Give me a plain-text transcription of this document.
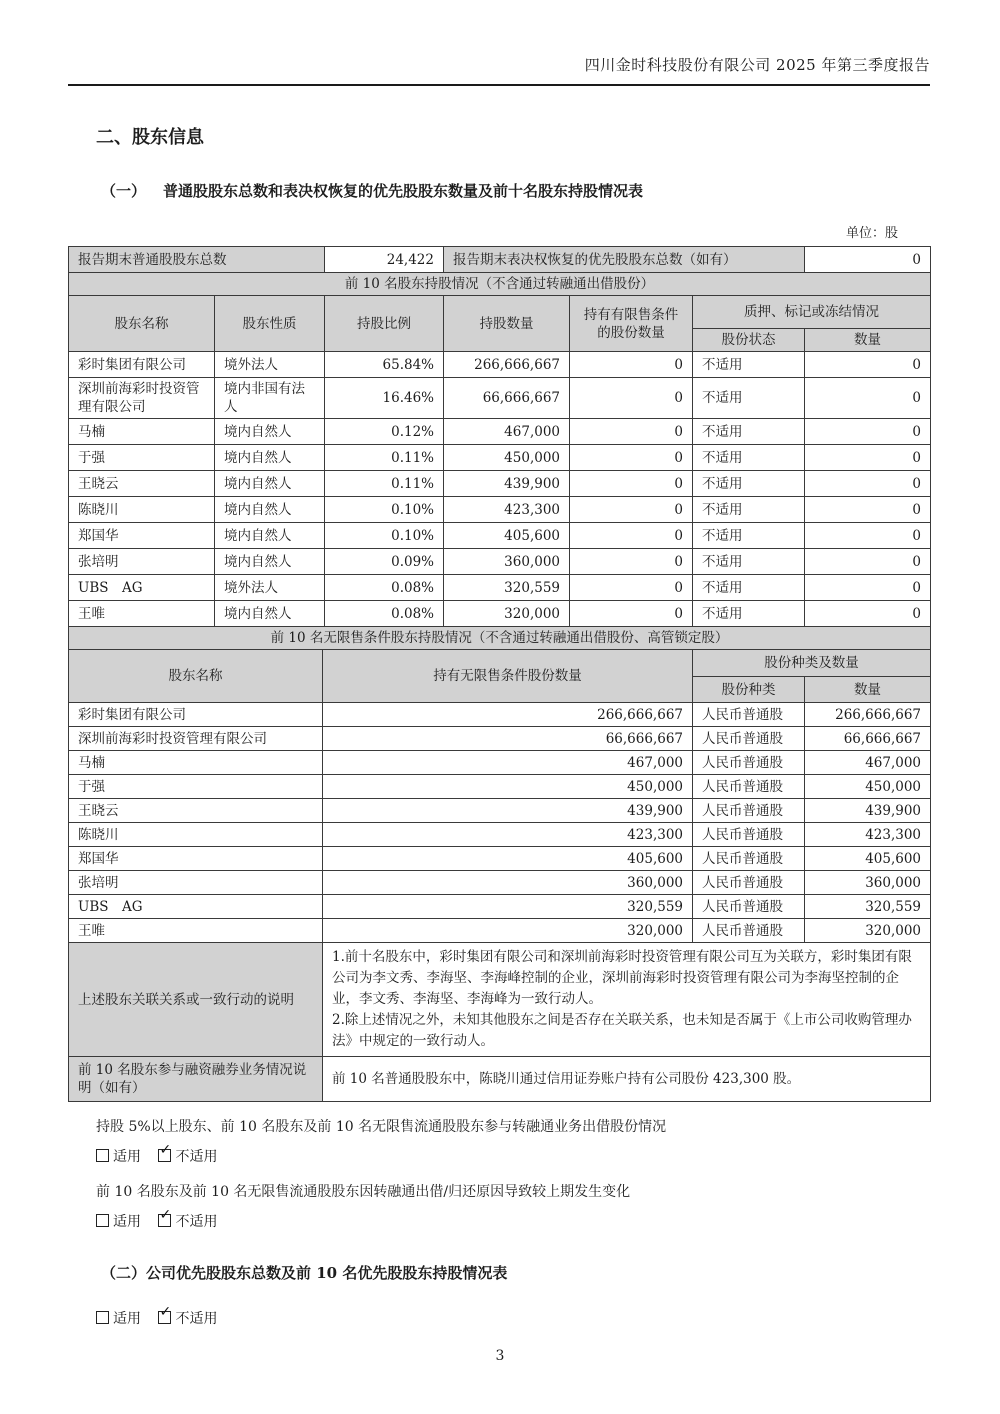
四川金时科技股份有限公司 2025 年第三季度报告
二、股东信息
（一） 普通股股东总数和表决权恢复的优先股股东数量及前十名股东持股情况表
单位：股
报告期末普通股股东总数		24,422	报告期末表决权恢复的优先股股东总数（如有）			0
前 10 名股东持股情况（不含通过转融通出借股份）						
股东名称	股东性质	持股比例	持股数量	持有有限售条件的股份数量	质押、标记或冻结情况	
					股份状态	数量
彩时集团有限公司	境外法人	65.84%	266,666,667	0	不适用	0
深圳前海彩时投资管理有限公司	境内非国有法人	16.46%	66,666,667	0	不适用	0
马楠	境内自然人	0.12%	467,000	0	不适用	0
于强	境内自然人	0.11%	450,000	0	不适用	0
王晓云	境内自然人	0.11%	439,900	0	不适用	0
陈晓川	境内自然人	0.10%	423,300	0	不适用	0
郑国华	境内自然人	0.10%	405,600	0	不适用	0
张培明	境内自然人	0.09%	360,000	0	不适用	0
UBS　AG	境外法人	0.08%	320,559	0	不适用	0
王唯	境内自然人	0.08%	320,000	0	不适用	0
前 10 名无限售条件股东持股情况（不含通过转融通出借股份、高管锁定股）			
股东名称	持有无限售条件股份数量	股份种类及数量	
		股份种类	数量
彩时集团有限公司	266,666,667	人民币普通股	266,666,667
深圳前海彩时投资管理有限公司	66,666,667	人民币普通股	66,666,667
马楠	467,000	人民币普通股	467,000
于强	450,000	人民币普通股	450,000
王晓云	439,900	人民币普通股	439,900
陈晓川	423,300	人民币普通股	423,300
郑国华	405,600	人民币普通股	405,600
张培明	360,000	人民币普通股	360,000
UBS　AG	320,559	人民币普通股	320,559
王唯	320,000	人民币普通股	320,000
上述股东关联关系或一致行动的说明	1.前十名股东中，彩时集团有限公司和深圳前海彩时投资管理有限公司互为关联方，彩时集团有限公司为李文秀、李海坚、李海峰控制的企业，深圳前海彩时投资管理有限公司为李海坚控制的企业，李文秀、李海坚、李海峰为一致行动人。
2.除上述情况之外，未知其他股东之间是否存在关联关系，也未知是否属于《上市公司收购管理办法》中规定的一致行动人。		

前 10 名股东参与融资融券业务情况说明（如有）	前 10 名普通股股东中，陈晓川通过信用证券账户持有公司股份 423,300 股。		
持股 5%以上股东、前 10 名股东及前 10 名无限售流通股股东参与转融通业务出借股份情况
适用 ✓ 不适用
前 10 名股东及前 10 名无限售流通股股东因转融通出借/归还原因导致较上期发生变化
适用 ✓ 不适用
（二）公司优先股股东总数及前 10 名优先股股东持股情况表
适用 ✓ 不适用
3
